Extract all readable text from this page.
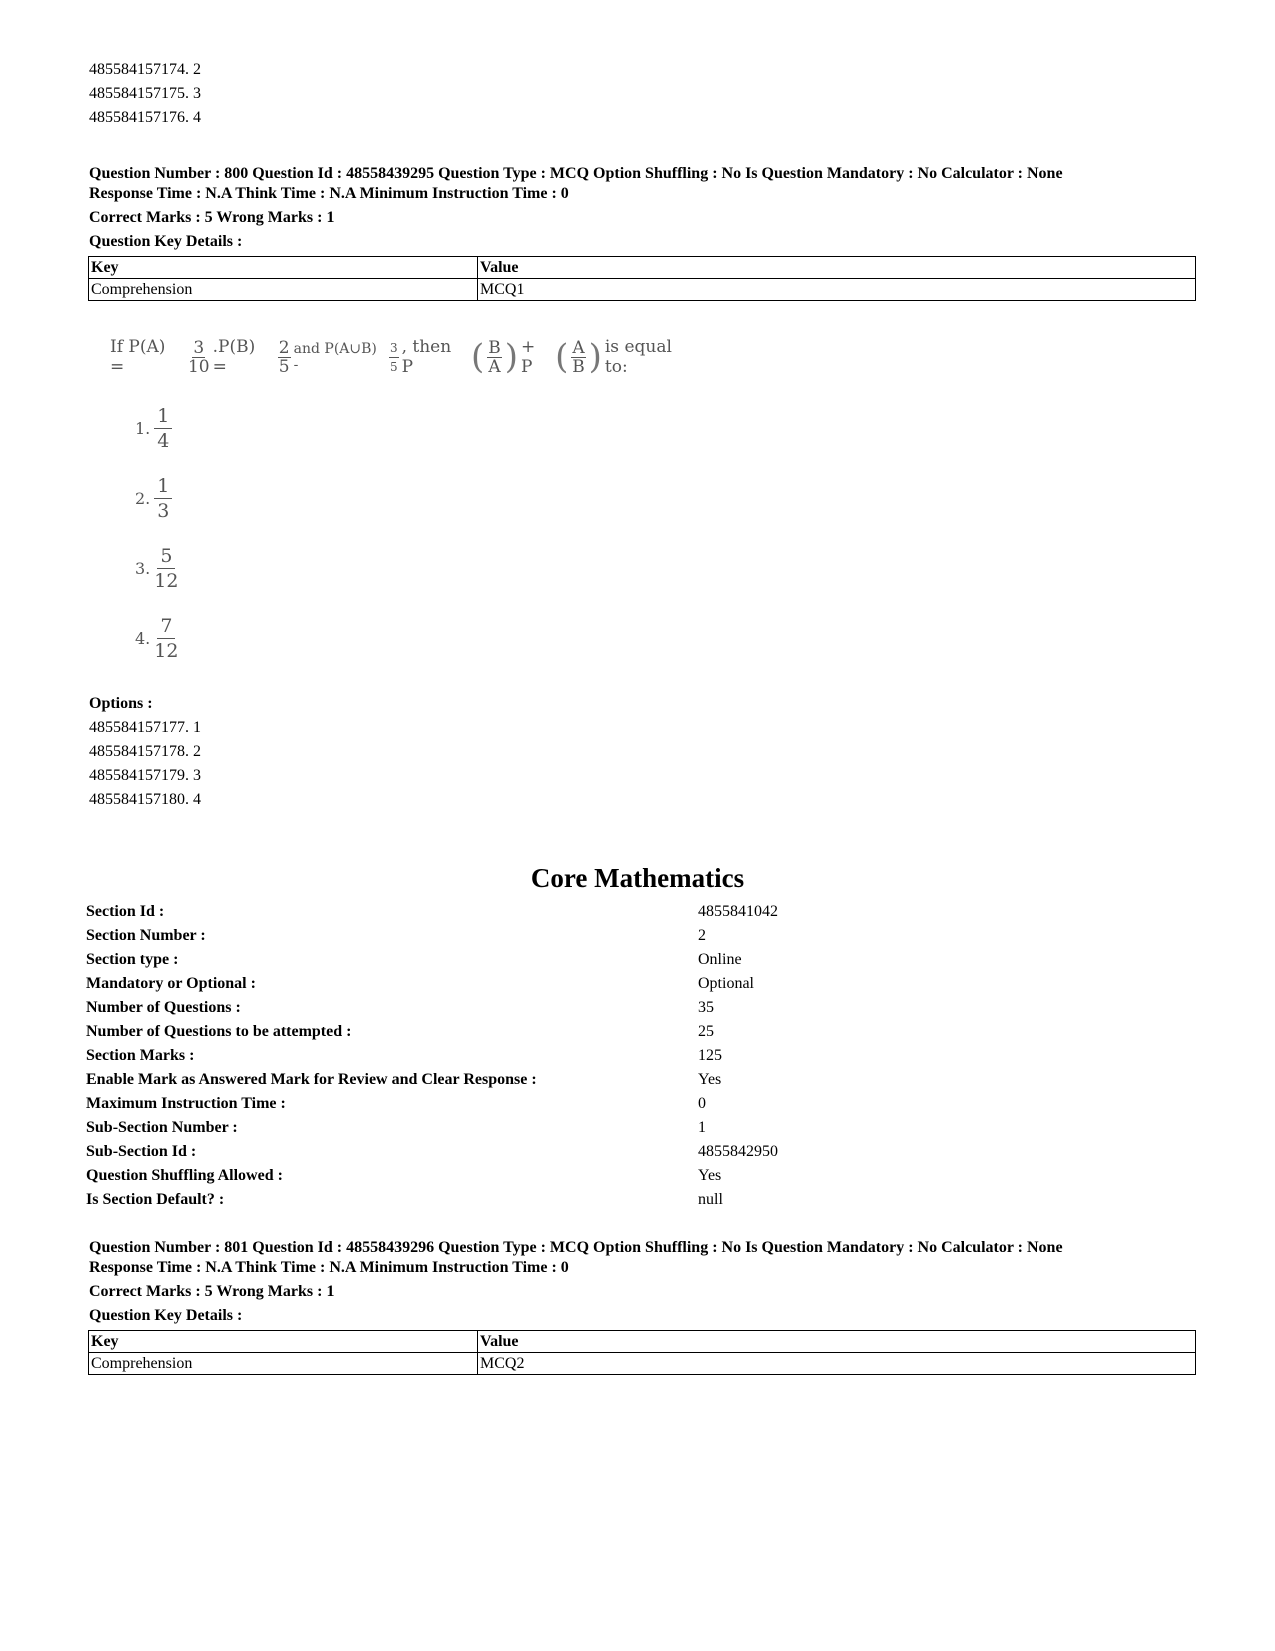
485584157174. 2
485584157175. 3
485584157176. 4
Question Number : 800 Question Id : 48558439295 Question Type : MCQ Option Shuffling : No Is Question Mandatory : No Calculator : None
Response Time : N.A Think Time : N.A Minimum Instruction Time : 0
Correct Marks : 5 Wrong Marks : 1
Question Key Details :
Key	Value
Comprehension	MCQ1
If P(A) =	$\frac{3}{10} .P(B)$ =	$\frac{2}{5}$ and P(A∪B) -
3
5
, then P	( B
A ) + P ( A
B ) is equal to:
1.
1
4
2.
1
3
3.
5
12
4.
7
12
Options :
485584157177. 1
485584157178. 2
485584157179. 3
485584157180. 4
Core Mathematics
Section Id :	4855841042
Section Number :	2
Section type :	Online
Mandatory or Optional :	Optional
Number of Questions :	35
Number of Questions to be attempted :	25
Section Marks :	125
Enable Mark as Answered Mark for Review and Clear Response :	Yes
Maximum Instruction Time :	0
Sub-Section Number :	1
Sub-Section Id :	4855842950
Question Shuffling Allowed :	Yes
Is Section Default? :	null
Question Number : 801 Question Id : 48558439296 Question Type : MCQ Option Shuffling : No Is Question Mandatory : No Calculator : None
Response Time : N.A Think Time : N.A Minimum Instruction Time : 0
Correct Marks : 5 Wrong Marks : 1
Question Key Details :
Key	Value
Comprehension	MCQ2
